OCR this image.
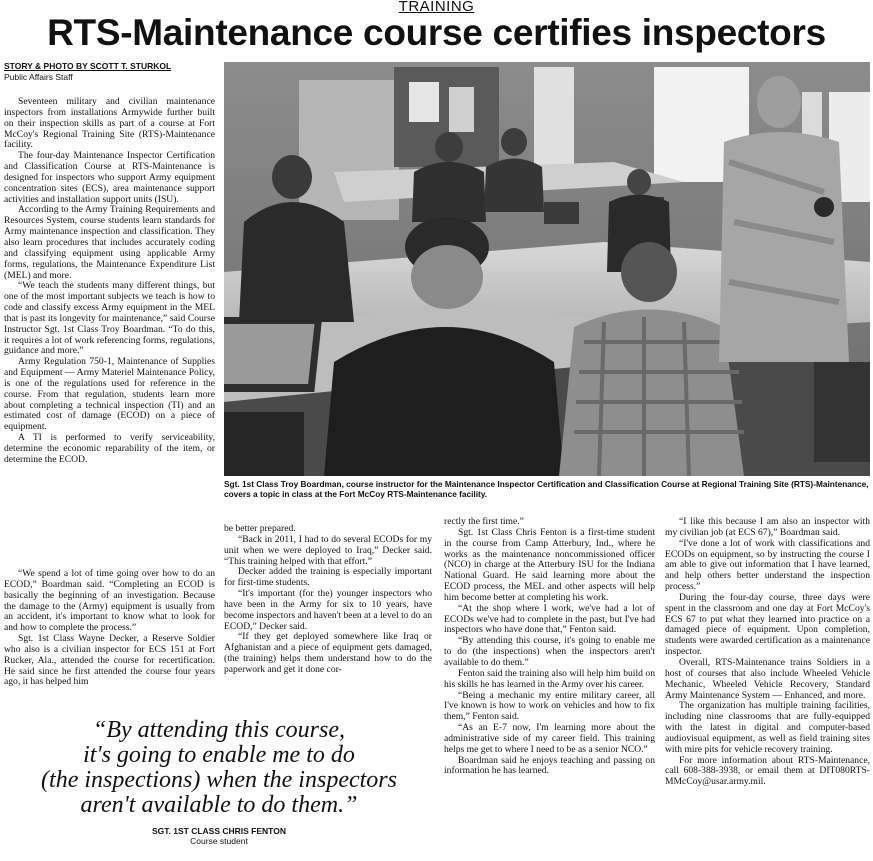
TRAINING
RTS-Maintenance course certifies inspectors
STORY & PHOTO BY SCOTT T. STURKOL
Public Affairs Staff

Seventeen military and civilian maintenance inspectors from installations Armywide further built on their inspection skills as part of a course at Fort McCoy's Regional Training Site (RTS)-Maintenance facility.

The four-day Maintenance Inspector Certification and Classification Course at RTS-Maintenance is designed for inspectors who support Army equipment concentration sites (ECS), area maintenance support activities and installation support units (ISU).

According to the Army Training Requirements and Resources System, course students learn standards for Army maintenance inspection and classification. They also learn procedures that includes accurately coding and classifying equipment using applicable Army forms, regulations, the Maintenance Expenditure List (MEL) and more.

“We teach the students many different things, but one of the most important subjects we teach is how to code and classify excess Army equipment in the MEL that is past its longevity for maintenance,” said Course Instructor Sgt. 1st Class Troy Boardman. “To do this, it requires a lot of work referencing forms, regulations, guidance and more.”

Army Regulation 750-1, Maintenance of Supplies and Equipment — Army Materiel Maintenance Policy, is one of the regulations used for reference in the course. From that regulation, students learn more about completing a technical inspection (TI) and an estimated cost of damage (ECOD) on a piece of equipment.

A TI is performed to verify serviceability, determine the economic reparability of the item, or determine the ECOD.

“We spend a lot of time going over how to do an ECOD,” Boardman said. “Completing an ECOD is basically the beginning of an investigation. Because the damage to the (Army) equipment is usually from an accident, it's important to know what to look for and how to complete the process.”

Sgt. 1st Class Wayne Decker, a Reserve Soldier who also is a civilian inspector for ECS 151 at Fort Rucker, Ala., attended the course for recertification. He said since he first attended the course four years ago, it has helped him

Sgt. 1st Class Troy Boardman, course instructor for the Maintenance Inspector Certification and Classification Course at Regional Training Site (RTS)-Maintenance, covers a topic in class at the Fort McCoy RTS-Maintenance facility.

be better prepared.

“Back in 2011, I had to do several ECODs for my unit when we were deployed to Iraq,” Decker said. “This training helped with that effort.”

Decker added the training is especially important for first-time students.

“It's important (for the) younger inspectors who have been in the Army for six to 10 years, have become inspectors and haven't been at a level to do an ECOD,” Decker said.

“If they get deployed somewhere like Iraq or Afghanistan and a piece of equipment gets damaged, (the training) helps them understand how to do the paperwork and get it done cor-

rectly the first time.”

Sgt. 1st Class Chris Fenton is a first-time student in the course from Camp Atterbury, Ind., where he works as the maintenance noncommissioned officer (NCO) in charge at the Atterbury ISU for the Indiana National Guard. He said learning more about the ECOD process, the MEL and other aspects will help him become better at completing his work.

“At the shop where I work, we've had a lot of ECODs we've had to complete in the past, but I've had inspectors who have done that,” Fenton said.

“By attending this course, it's going to enable me to do (the inspections) when the inspectors aren't available to do them.”

Fenton said the training also will help him build on his skills he has learned in the Army over his career.

“Being a mechanic my entire military career, all I've known is how to work on vehicles and how to fix them,” Fenton said.

“As an E-7 now, I'm learning more about the administrative side of my career field. This training helps me get to where I need to be as a senior NCO.”

Boardman said he enjoys teaching and passing on information he has learned.

“I like this because I am also an inspector with my civilian job (at ECS 67),” Boardman said.

“I've done a lot of work with classifications and ECODs on equipment, so by instructing the course I am able to give out information that I have learned, and help others better understand the inspection process.”

During the four-day course, three days were spent in the classroom and one day at Fort McCoy's ECS 67 to put what they learned into practice on a damaged piece of equipment. Upon completion, students were awarded certification as a maintenance inspector.

Overall, RTS-Maintenance trains Soldiers in a host of courses that also include Wheeled Vehicle Mechanic, Wheeled Vehicle Recovery, Standard Army Maintenance System — Enhanced, and more.

The organization has multiple training facilities, including nine classrooms that are fully-equipped with the latest in digital and computer-based audiovisual equipment, as well as field training sites with mire pits for vehicle recovery training.

For more information about RTS-Maintenance, call 608-388-3938, or email them at DIT080RTS-MMcCoy@usar.army.mil.

“By attending this course,
it's going to enable me to do
(the inspections) when the inspectors
aren't available to do them.”
SGT. 1ST CLASS CHRIS FENTON
Course student
